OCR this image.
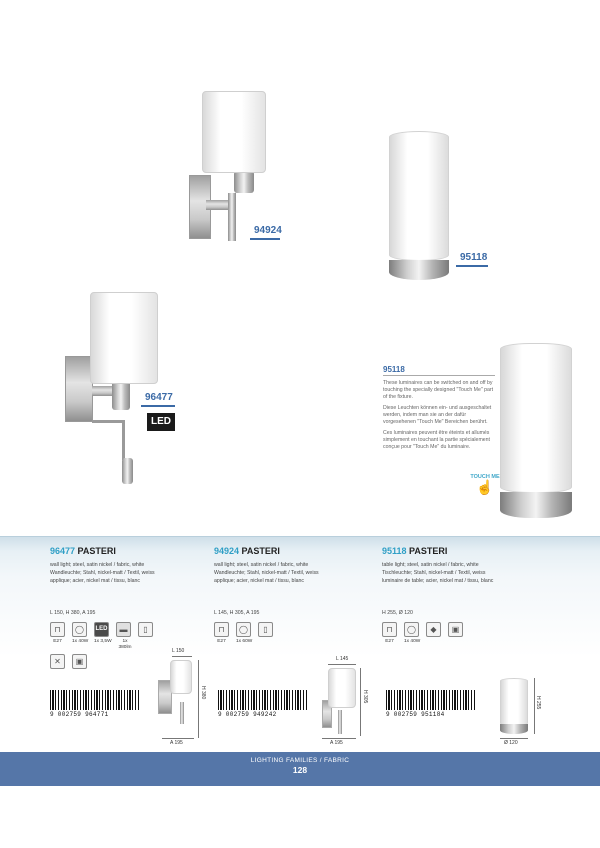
94924
95118
96477
LED
95118

These luminaires can be switched on and off by touching the specially designed "Touch Me" part of the fixture.

Diese Leuchten können ein- und ausgeschaltet werden, indem man sie an der dafür vorgesehenen "Touch Me" Bereichen berührt.

Ces luminaires peuvent être éteints et allumés simplement en touchant la partie spécialement conçue pour "Touch Me" du luminaire.

TOUCH ME
☝
96477 PASTERI
wall light; steel, satin nickel / fabric, white
Wandleuchte; Stahl, nickel-matt / Textil, weiss
applique; acier, nickel mat / tissu, blanc
L 150, H 380, A 195
⊓
E27
◯
1x 40W
LED
1x 3,5W
▬
1x 380lm
▯
✕	▣
9 002759 964771
L 150
H 380
A 195
94924 PASTERI
wall light; steel, satin nickel / fabric, white
Wandleuchte; Stahl, nickel-matt / Textil, weiss
applique; acier, nickel mat / tissu, blanc
L 145, H 305, A 195
⊓
E27
◯
1x 60W
▯
9 002759 949242
L 145
H 305
A 195
95118 PASTERI
table light; steel, satin nickel / fabric, white
Tischleuchte; Stahl, nickel-matt / Textil, weiss
luminaire de table; acier, nickel mat / tissu, blanc
H 255, Ø 120
⊓
E27
◯
1x 40W
◆	▣
9 002759 951184
H 255
Ø 120
LIGHTING FAMILIES / FABRIC
128
